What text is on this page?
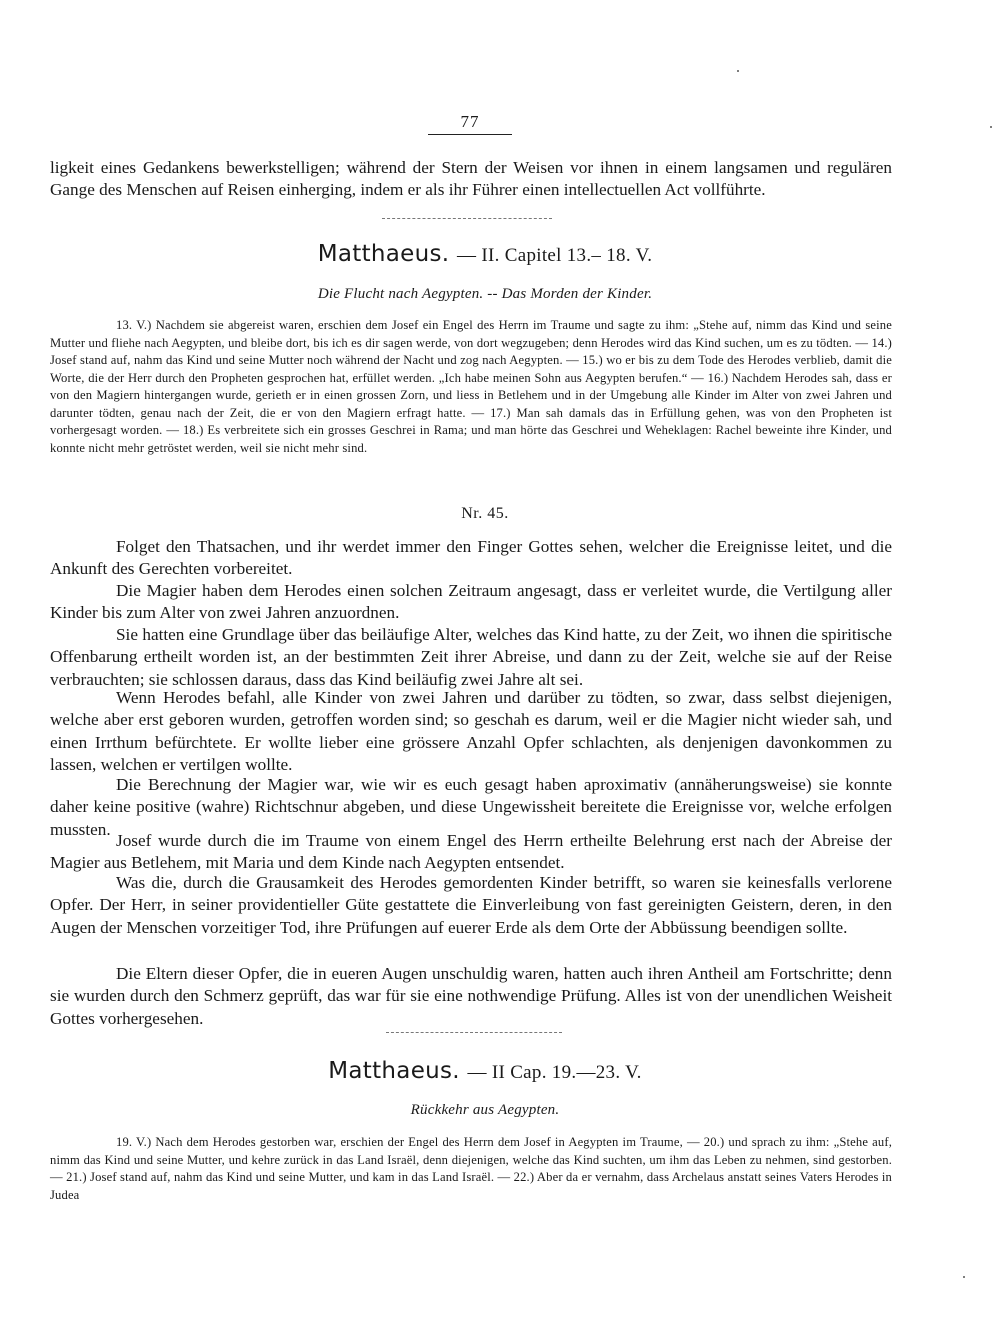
77

ligkeit eines Gedankens bewerkstelligen; während der Stern der Weisen vor ihnen in einem langsamen und regulären Gange des Menschen auf Reisen einherging, indem er als ihr Führer einen intellectuellen Act vollführte.

Matthaeus. — II. Capitel 13.– 18. V.

Die Flucht nach Aegypten. -- Das Morden der Kinder.

13. V.) Nachdem sie abgereist waren, erschien dem Josef ein Engel des Herrn im Traume und sagte zu ihm: „Stehe auf, nimm das Kind und seine Mutter und fliehe nach Aegypten, und bleibe dort, bis ich es dir sagen werde, von dort wegzugeben; denn Herodes wird das Kind suchen, um es zu tödten. — 14.) Josef stand auf, nahm das Kind und seine Mutter noch während der Nacht und zog nach Aegypten. — 15.) wo er bis zu dem Tode des Herodes verblieb, damit die Worte, die der Herr durch den Propheten gesprochen hat, erfüllet werden. „Ich habe meinen Sohn aus Aegypten berufen.“ — 16.) Nachdem Herodes sah, dass er von den Magiern hintergangen wurde, gerieth er in einen grossen Zorn, und liess in Betlehem und in der Umgebung alle Kinder im Alter von zwei Jahren und darunter tödten, genau nach der Zeit, die er von den Magiern erfragt hatte. — 17.) Man sah damals das in Erfüllung gehen, was von den Propheten ist vorhergesagt worden. — 18.) Es verbreitete sich ein grosses Geschrei in Rama; und man hörte das Geschrei und Weheklagen: Rachel beweinte ihre Kinder, und konnte nicht mehr getröstet werden, weil sie nicht mehr sind.

Nr. 45.

Folget den Thatsachen, und ihr werdet immer den Finger Gottes sehen, welcher die Ereignisse leitet, und die Ankunft des Gerechten vorbereitet.

Die Magier haben dem Herodes einen solchen Zeitraum angesagt, dass er verleitet wurde, die Vertilgung aller Kinder bis zum Alter von zwei Jahren anzuordnen.

Sie hatten eine Grundlage über das beiläufige Alter, welches das Kind hatte, zu der Zeit, wo ihnen die spiritische Offenbarung ertheilt worden ist, an der bestimmten Zeit ihrer Abreise, und dann zu der Zeit, welche sie auf der Reise verbrauchten; sie schlossen daraus, dass das Kind beiläufig zwei Jahre alt sei.

Wenn Herodes befahl, alle Kinder von zwei Jahren und darüber zu tödten, so zwar, dass selbst diejenigen, welche aber erst geboren wurden, getroffen worden sind; so geschah es darum, weil er die Magier nicht wieder sah, und einen Irrthum befürchtete. Er wollte lieber eine grössere Anzahl Opfer schlachten, als denjenigen davonkommen zu lassen, welchen er vertilgen wollte.

Die Berechnung der Magier war, wie wir es euch gesagt haben aproximativ (annäherungsweise) sie konnte daher keine positive (wahre) Richtschnur abgeben, und diese Ungewissheit bereitete die Ereignisse vor, welche erfolgen mussten.

Josef wurde durch die im Traume von einem Engel des Herrn ertheilte Belehrung erst nach der Abreise der Magier aus Betlehem, mit Maria und dem Kinde nach Aegypten entsendet.

Was die, durch die Grausamkeit des Herodes gemordenten Kinder betrifft, so waren sie keinesfalls verlorene Opfer. Der Herr, in seiner providentieller Güte gestattete die Einverleibung von fast gereinigten Geistern, deren, in den Augen der Menschen vorzeitiger Tod, ihre Prüfungen auf euerer Erde als dem Orte der Abbüssung beendigen sollte.

Die Eltern dieser Opfer, die in eueren Augen unschuldig waren, hatten auch ihren Antheil am Fortschritte; denn sie wurden durch den Schmerz geprüft, das war für sie eine nothwendige Prüfung. Alles ist von der unendlichen Weisheit Gottes vorhergesehen.

Matthaeus. — II Cap. 19.—23. V.

Rückkehr aus Aegypten.

19. V.) Nach dem Herodes gestorben war, erschien der Engel des Herrn dem Josef in Aegypten im Traume, — 20.) und sprach zu ihm: „Stehe auf, nimm das Kind und seine Mutter, und kehre zurück in das Land Israël, denn diejenigen, welche das Kind suchten, um ihm das Leben zu nehmen, sind gestorben. — 21.) Josef stand auf, nahm das Kind und seine Mutter, und kam in das Land Israël. — 22.) Aber da er vernahm, dass Archelaus anstatt seines Vaters Herodes in Judea
